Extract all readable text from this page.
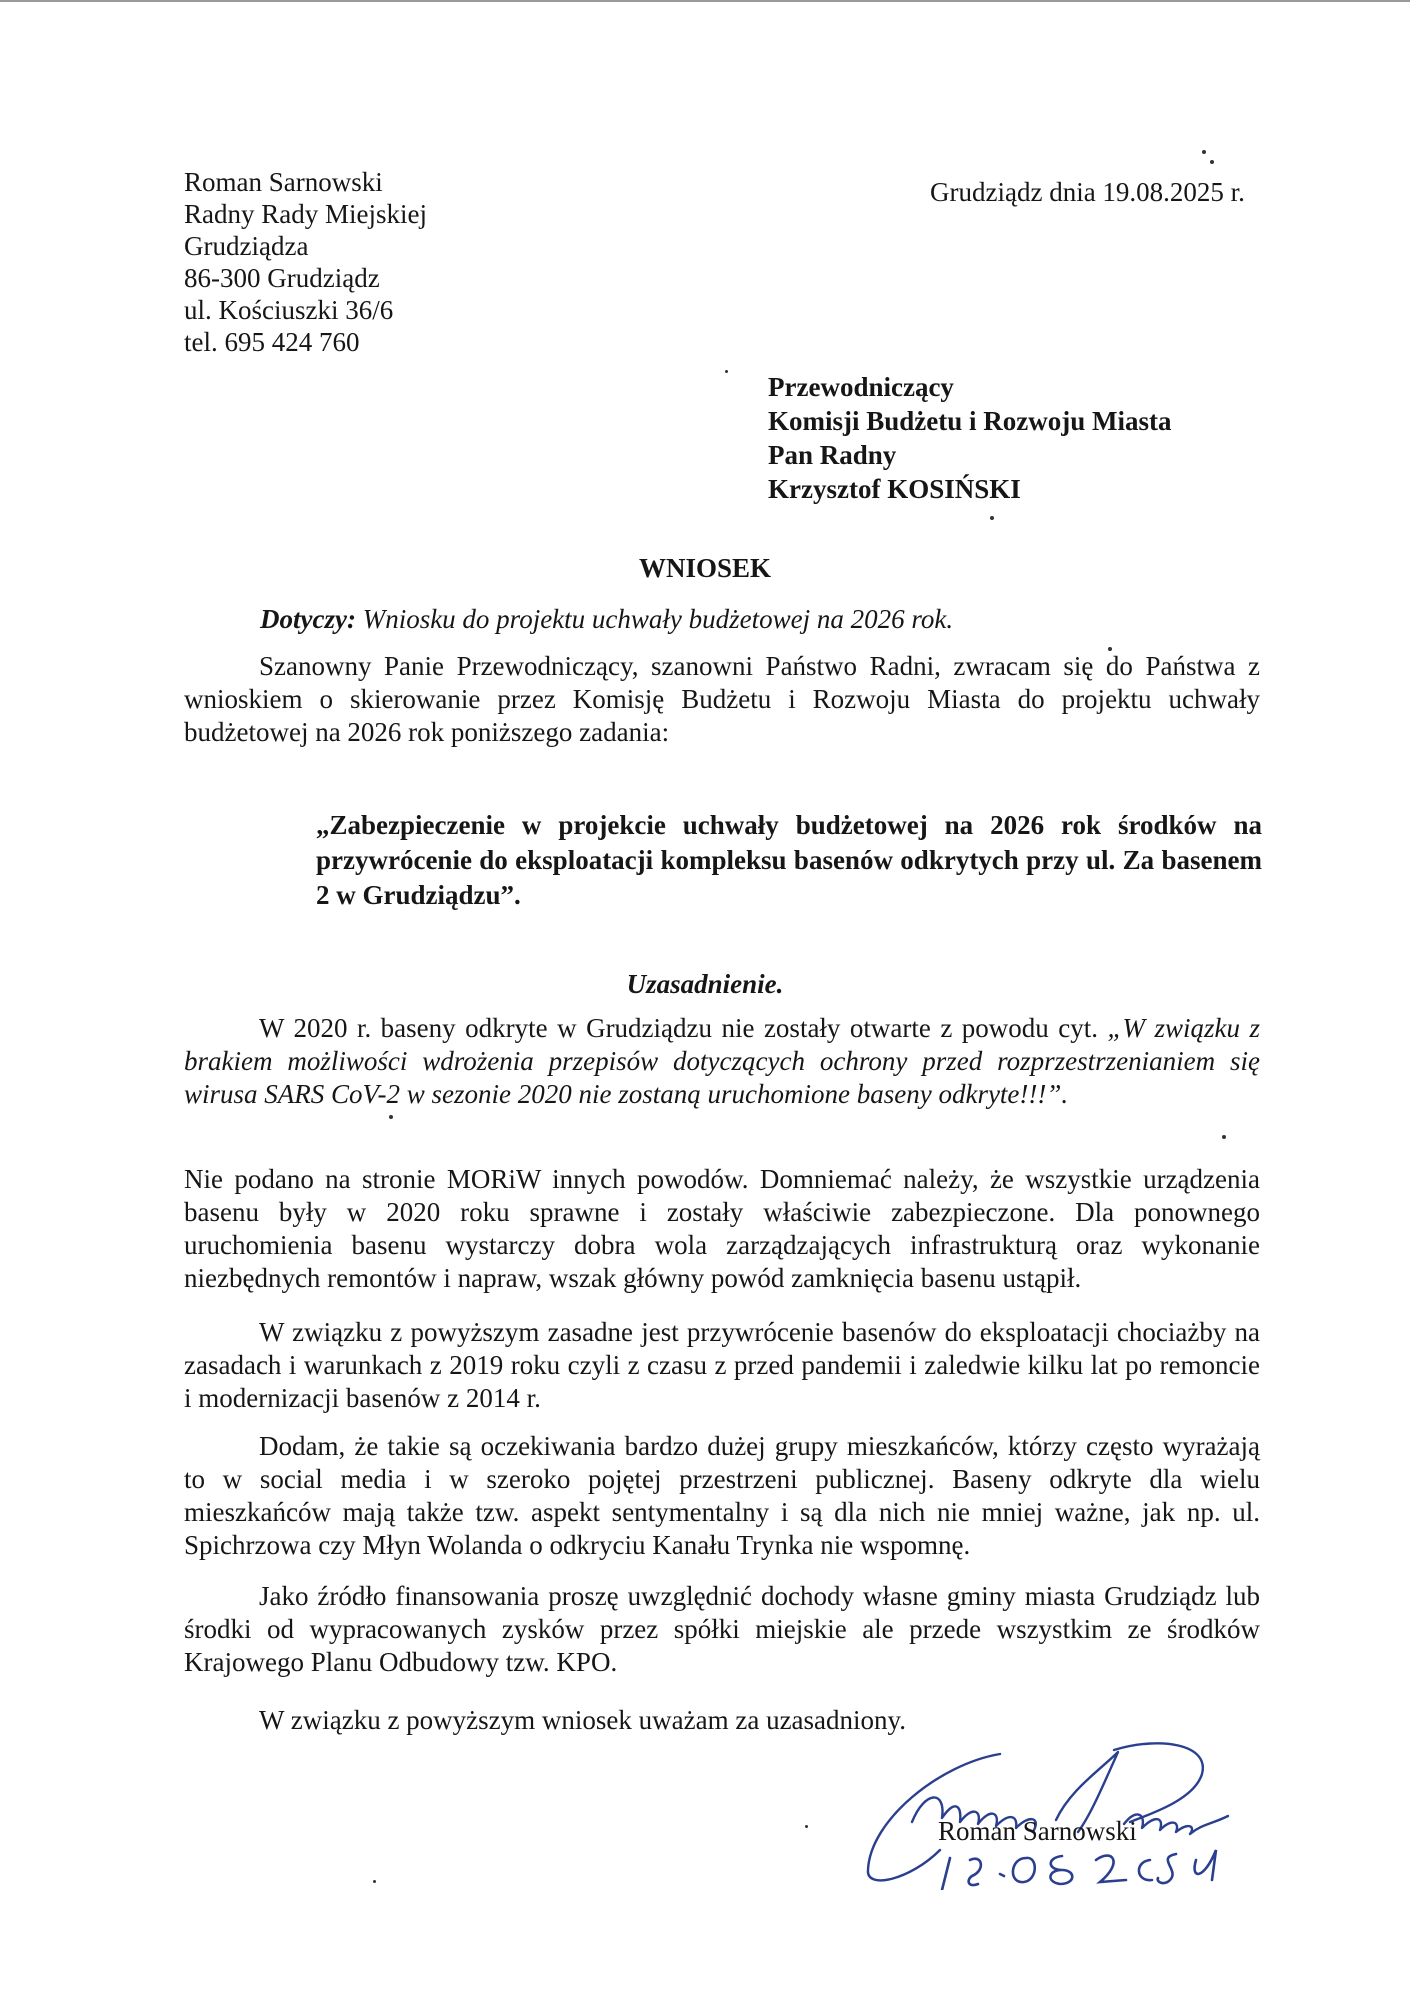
Roman Sarnowski
Radny Rady Miejskiej
Grudziądza
86-300 Grudziądz
ul. Kościuszki 36/6
tel. 695 424 760
Grudziądz dnia 19.08.2025 r.
Przewodniczący
Komisji Budżetu i Rozwoju Miasta
Pan Radny
Krzysztof KOSIŃSKI
WNIOSEK
Dotyczy: Wniosku do projektu uchwały budżetowej na 2026 rok.
Szanowny Panie Przewodniczący, szanowni Państwo Radni, zwracam się do Państwa z wnioskiem o skierowanie przez Komisję Budżetu i Rozwoju Miasta do projektu uchwały budżetowej na 2026 rok poniższego zadania:
„Zabezpieczenie w projekcie uchwały budżetowej na 2026 rok środków na przywrócenie do eksploatacji kompleksu basenów odkrytych przy ul. Za basenem 2 w Grudziądzu”.
Uzasadnienie.
W 2020 r. baseny odkryte w Grudziądzu nie zostały otwarte z powodu cyt. „W związku z brakiem możliwości wdrożenia przepisów dotyczących ochrony przed rozprzestrzenianiem się wirusa SARS CoV-2 w sezonie 2020 nie zostaną uruchomione baseny odkryte!!!”.
Nie podano na stronie MORiW innych powodów. Domniemać należy, że wszystkie urządzenia basenu były w 2020 roku sprawne i zostały właściwie zabezpieczone. Dla ponownego uruchomienia basenu wystarczy dobra wola zarządzających infrastrukturą oraz wykonanie niezbędnych remontów i napraw, wszak główny powód zamknięcia basenu ustąpił.
W związku z powyższym zasadne jest przywrócenie basenów do eksploatacji chociażby na zasadach i warunkach z 2019 roku czyli z czasu z przed pandemii i zaledwie kilku lat po remoncie i modernizacji basenów z 2014 r.
Dodam, że takie są oczekiwania bardzo dużej grupy mieszkańców, którzy często wyrażają to w social media i w szeroko pojętej przestrzeni publicznej. Baseny odkryte dla wielu mieszkańców mają także tzw. aspekt sentymentalny i są dla nich nie mniej ważne, jak np. ul. Spichrzowa czy Młyn Wolanda o odkryciu Kanału Trynka nie wspomnę.
Jako źródło finansowania proszę uwzględnić dochody własne gminy miasta Grudziądz lub środki od wypracowanych zysków przez spółki miejskie ale przede wszystkim ze środków Krajowego Planu Odbudowy tzw. KPO.
W związku z powyższym wniosek uważam za uzasadniony.
Roman Sarnowski
